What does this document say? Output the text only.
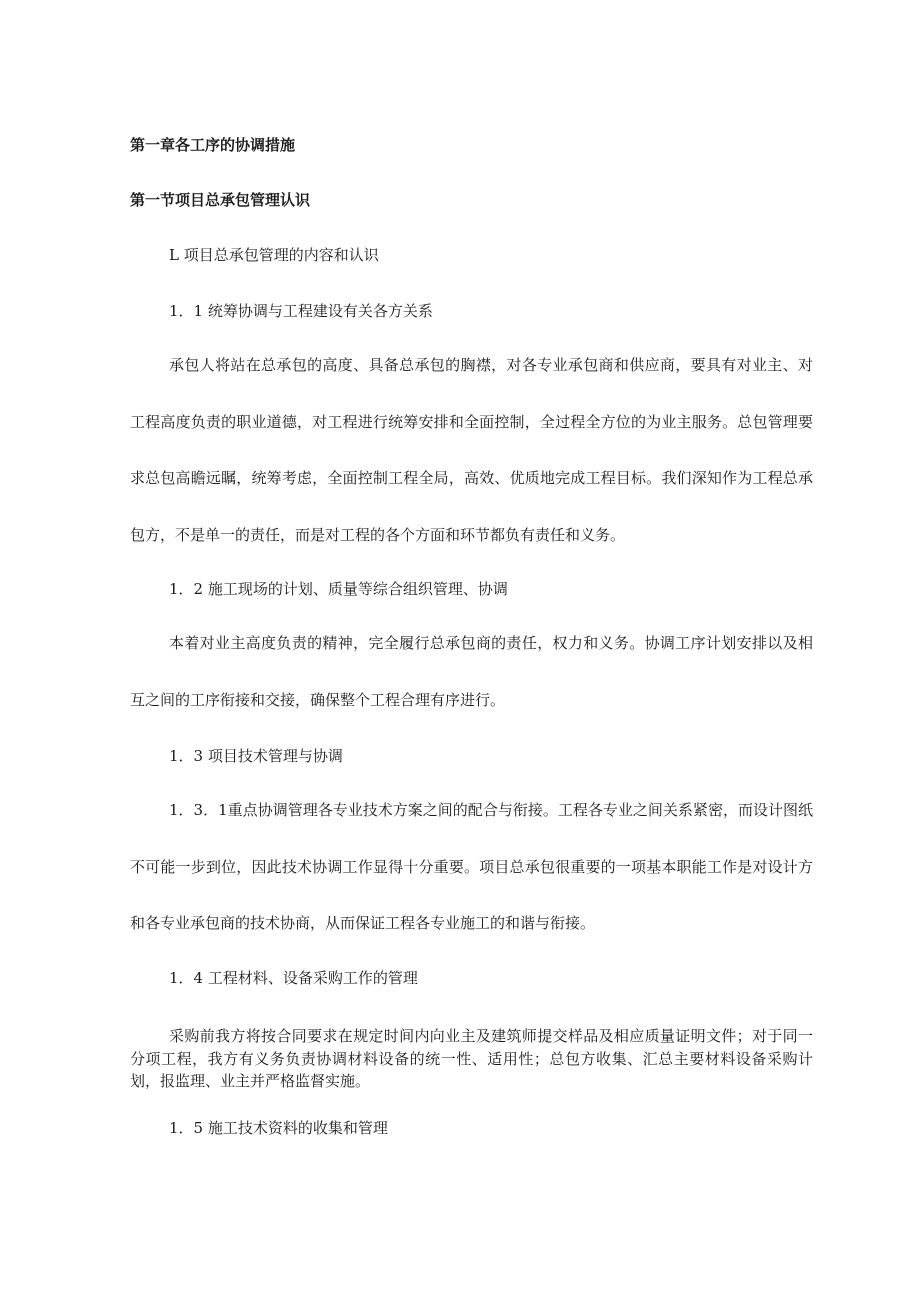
第一章各工序的协调措施

第一节项目总承包管理认识

L 项目总承包管理的内容和认识

1．1 统筹协调与工程建设有关各方关系

承包人将站在总承包的高度、具备总承包的胸襟，对各专业承包商和供应商，要具有对业主、对工程高度负责的职业道德，对工程进行统筹安排和全面控制，全过程全方位的为业主服务。总包管理要求总包高瞻远瞩，统筹考虑，全面控制工程全局，高效、优质地完成工程目标。我们深知作为工程总承包方，不是单一的责任，而是对工程的各个方面和环节都负有责任和义务。

1．2 施工现场的计划、质量等综合组织管理、协调

本着对业主高度负责的精神，完全履行总承包商的责任，权力和义务。协调工序计划安排以及相互之间的工序衔接和交接，确保整个工程合理有序进行。

1．3 项目技术管理与协调

1．3．1重点协调管理各专业技术方案之间的配合与衔接。工程各专业之间关系紧密，而设计图纸不可能一步到位，因此技术协调工作显得十分重要。项目总承包很重要的一项基本职能工作是对设计方和各专业承包商的技术协商，从而保证工程各专业施工的和谐与衔接。

1．4 工程材料、设备采购工作的管理

采购前我方将按合同要求在规定时间内向业主及建筑师提交样品及相应质量证明文件；对于同一分项工程，我方有义务负责协调材料设备的统一性、适用性；总包方收集、汇总主要材料设备采购计划，报监理、业主并严格监督实施。

1．5 施工技术资料的收集和管理
